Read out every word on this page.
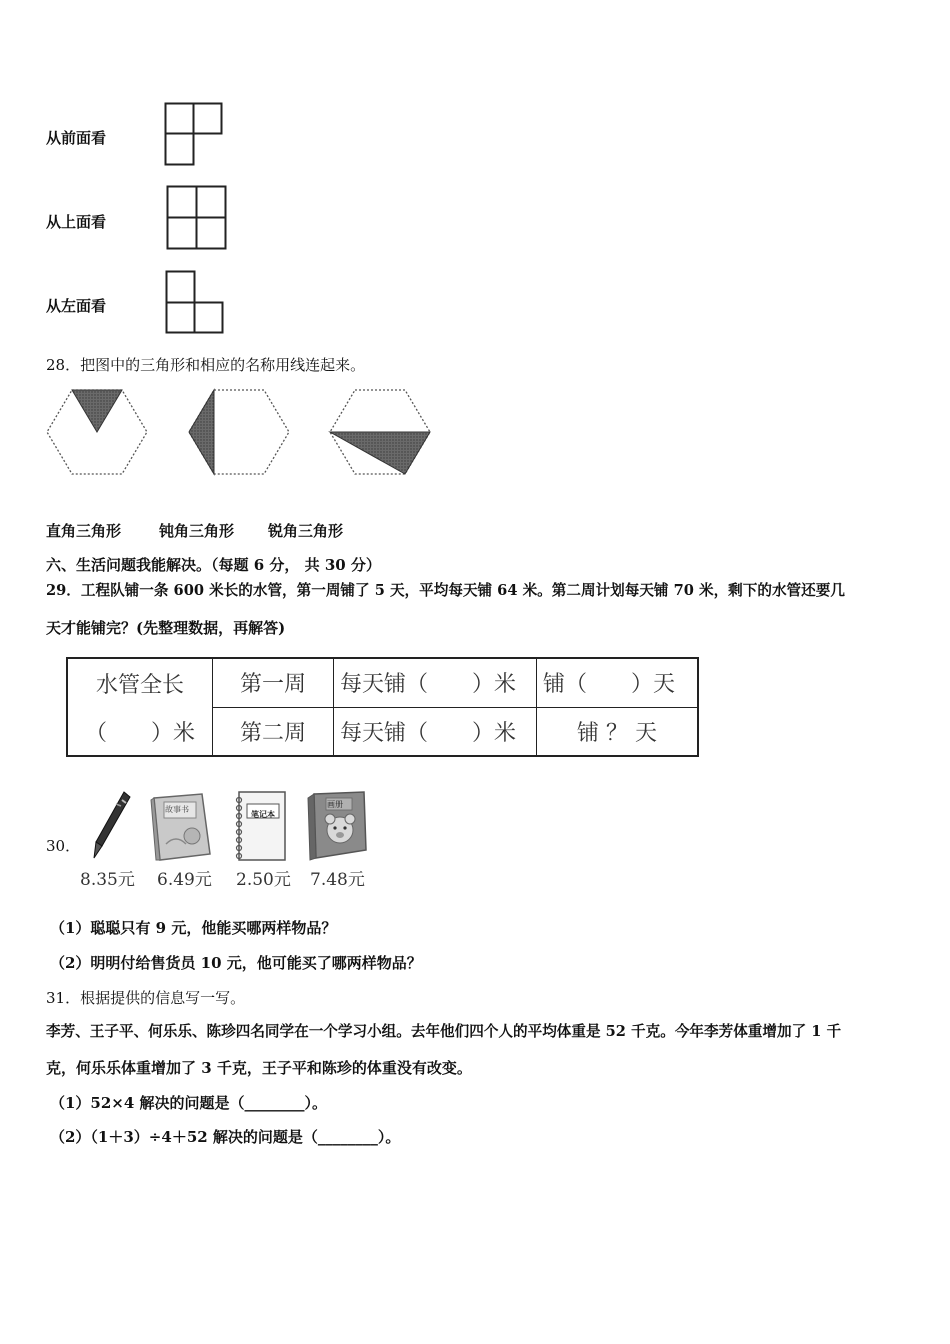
从前面看
从上面看
从左面看
28．把图中的三角形和相应的名称用线连起来。
直角三角形	钝角三角形 锐角三角形
六、生活问题我能解决。（每题 6 分， 共 30 分）
29．工程队铺一条 600 米长的水管，第一周铺了 5 天，平均每天铺 64 米。第二周计划每天铺 70 米，剩下的水管还要几
天才能铺完？(先整理数据，再解答)
水管全长	第一周	每天铺（　　）米	铺（　　）天
（　　）米	第二周	每天铺（　　）米	铺 ？ 天
30．
故事书
笔记本
画册
8.35元 6.49元 2.50元 7.48元
（1）聪聪只有 9 元，他能买哪两样物品？
（2）明明付给售货员 10 元，他可能买了哪两样物品？
31．根据提供的信息写一写。
李芳、王子平、何乐乐、陈珍四名同学在一个学习小组。去年他们四个人的平均体重是 52 千克。今年李芳体重增加了 1 千
克，何乐乐体重增加了 3 千克，王子平和陈珍的体重没有改变。
（1）52×4 解决的问题是（________）。
（2）（1＋3）÷4＋52 解决的问题是（________）。
